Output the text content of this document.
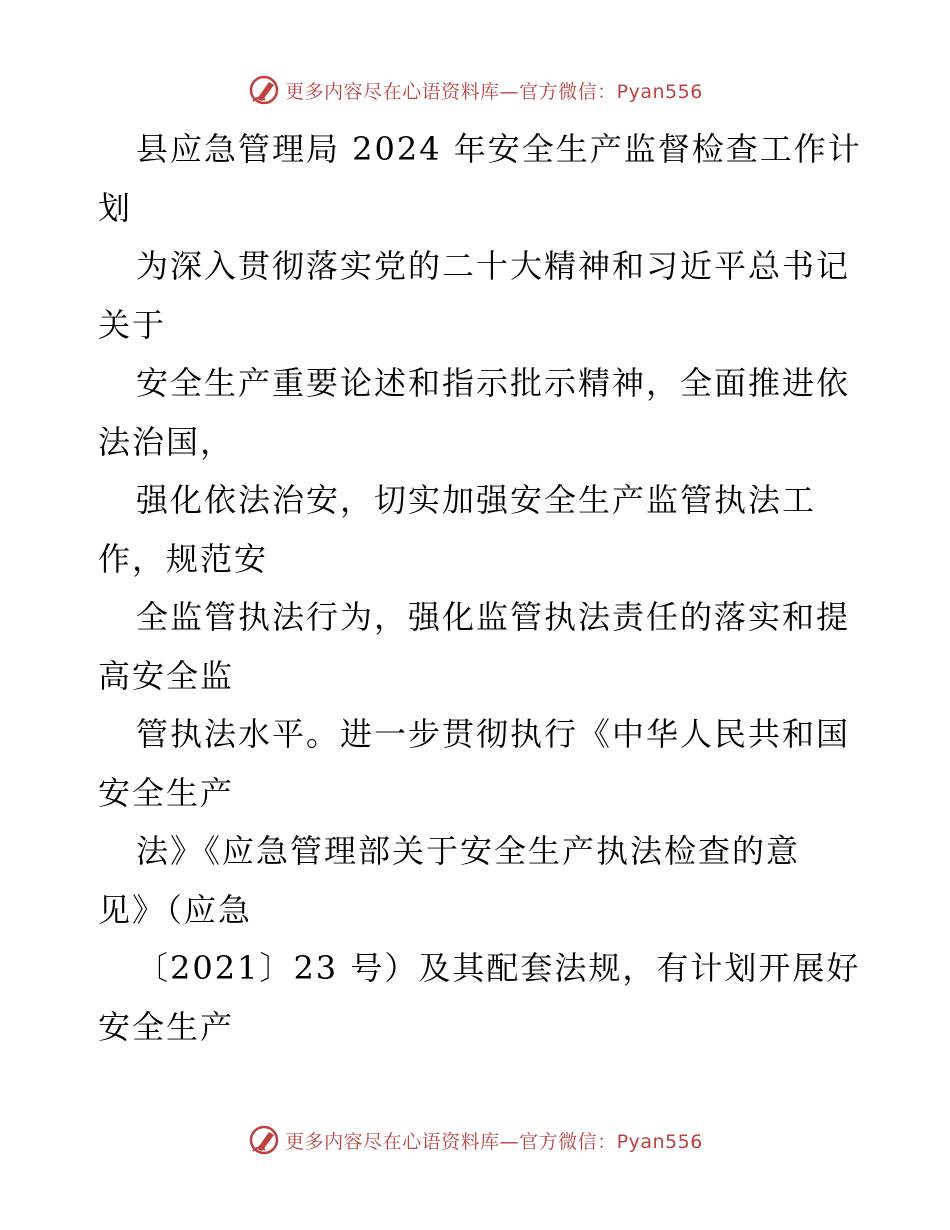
更多内容尽在心语资料库—官方微信：Pyan556
县应急管理局 2024 年安全生产监督检查工作计
划
为深入贯彻落实党的二十大精神和习近平总书记
关于
安全生产重要论述和指示批示精神，全面推进依
法治国，
强化依法治安，切实加强安全生产监管执法工
作，规范安
全监管执法行为，强化监管执法责任的落实和提
高安全监
管执法水平。进一步贯彻执行《中华人民共和国
安全生产
法》《应急管理部关于安全生产执法检查的意
见》（应急
〔2021〕23 号）及其配套法规，有计划开展好
安全生产
更多内容尽在心语资料库—官方微信：Pyan556
